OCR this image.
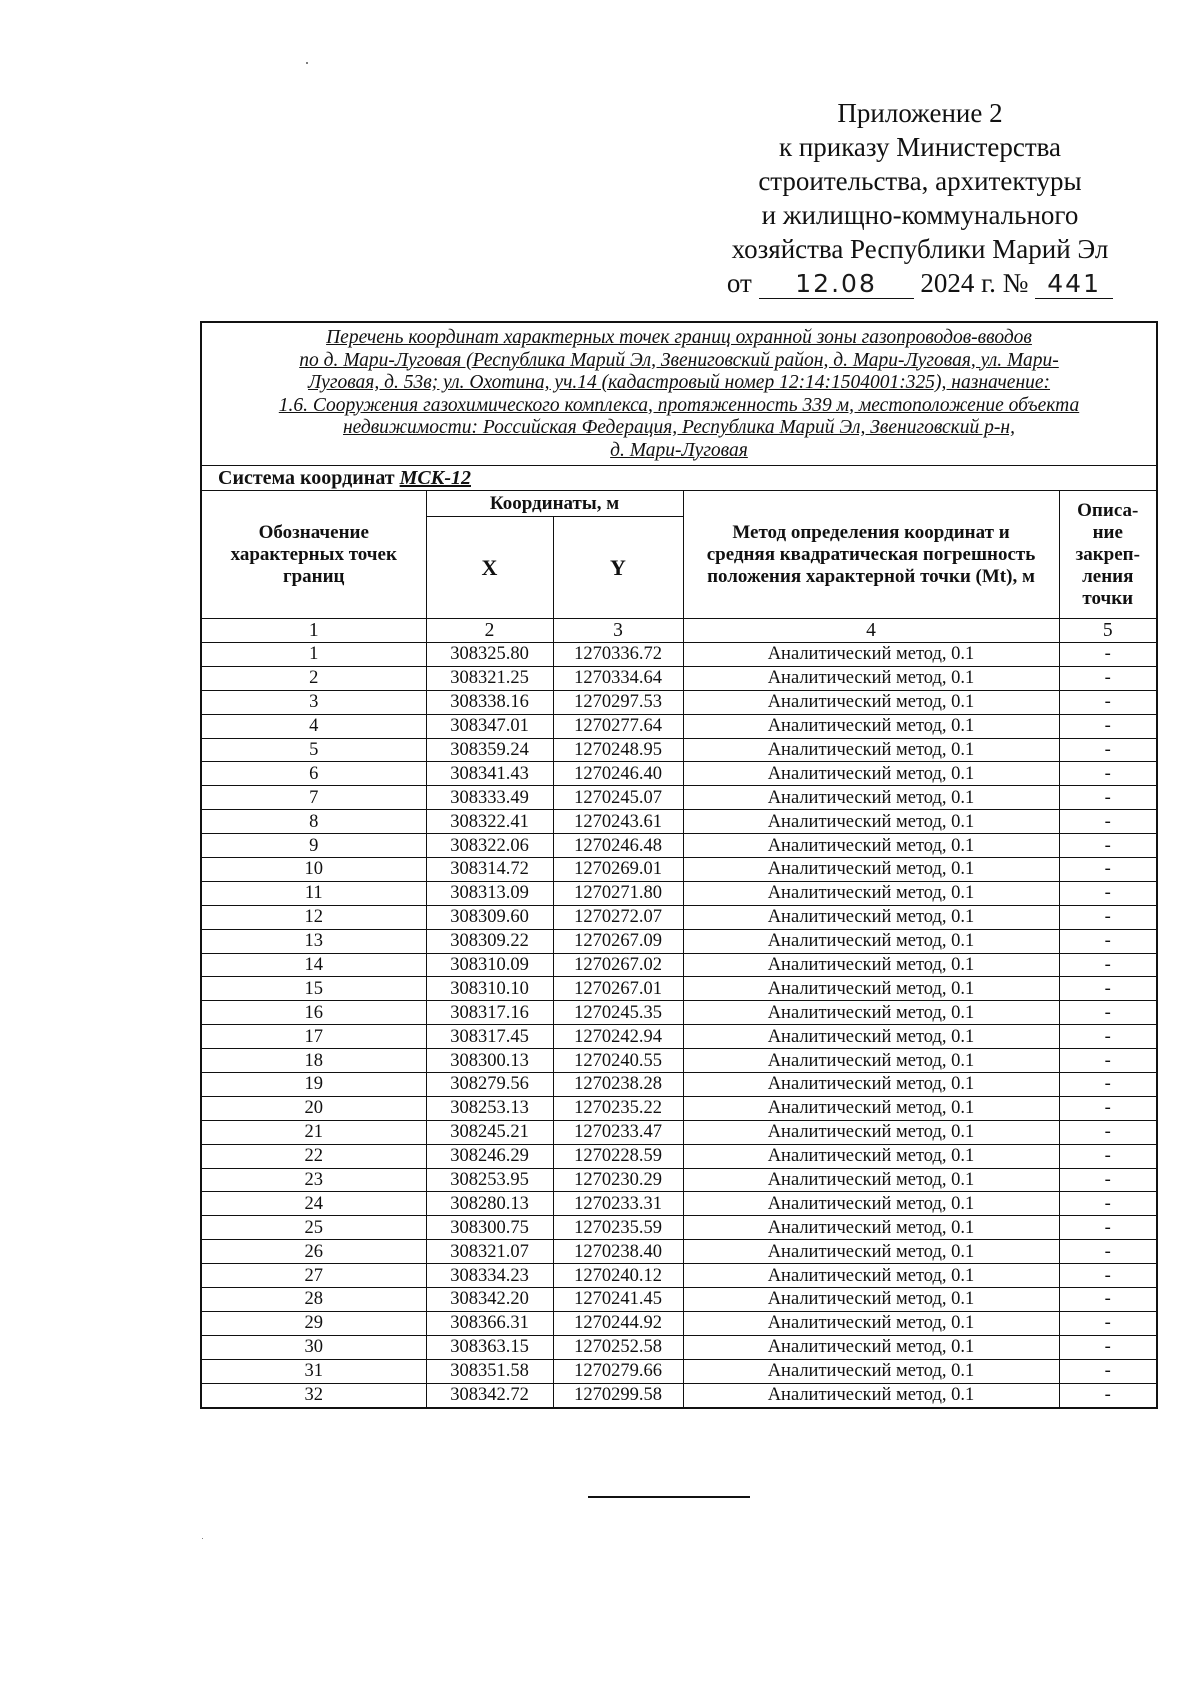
Приложение 2
к приказу Министерства
строительства, архитектуры
и жилищно-коммунального
хозяйства Республики Марий Эл
от 12.08 2024 г. № 441
Перечень координат характерных точек границ охранной зоны газопроводов-вводов
по д. Мари-Луговая (Республика Марий Эл, Звениговский район, д. Мари-Луговая, ул. Мари-
Луговая, д. 53в; ул. Охотина, уч.14 (кадастровый номер 12:14:1504001:325), назначение:
1.6. Сооружения газохимического комплекса, протяженность 339 м, местоположение объекта
недвижимости: Российская Федерация, Республика Марий Эл, Звениговский р-н,
д. Мари-Луговая
Система координат МСК-12				
Обозначение характерных точек границ	Координаты, м		Метод определения координат и средняя квадратическая погрешность положения характерной точки (Mt), м	Описа-
ние
закреп-
ления
точки

	X	Y		
1	2	3	4	5
1	308325.80	1270336.72	Аналитический метод, 0.1	-
2	308321.25	1270334.64	Аналитический метод, 0.1	-
3	308338.16	1270297.53	Аналитический метод, 0.1	-
4	308347.01	1270277.64	Аналитический метод, 0.1	-
5	308359.24	1270248.95	Аналитический метод, 0.1	-
6	308341.43	1270246.40	Аналитический метод, 0.1	-
7	308333.49	1270245.07	Аналитический метод, 0.1	-
8	308322.41	1270243.61	Аналитический метод, 0.1	-
9	308322.06	1270246.48	Аналитический метод, 0.1	-
10	308314.72	1270269.01	Аналитический метод, 0.1	-
11	308313.09	1270271.80	Аналитический метод, 0.1	-
12	308309.60	1270272.07	Аналитический метод, 0.1	-
13	308309.22	1270267.09	Аналитический метод, 0.1	-
14	308310.09	1270267.02	Аналитический метод, 0.1	-
15	308310.10	1270267.01	Аналитический метод, 0.1	-
16	308317.16	1270245.35	Аналитический метод, 0.1	-
17	308317.45	1270242.94	Аналитический метод, 0.1	-
18	308300.13	1270240.55	Аналитический метод, 0.1	-
19	308279.56	1270238.28	Аналитический метод, 0.1	-
20	308253.13	1270235.22	Аналитический метод, 0.1	-
21	308245.21	1270233.47	Аналитический метод, 0.1	-
22	308246.29	1270228.59	Аналитический метод, 0.1	-
23	308253.95	1270230.29	Аналитический метод, 0.1	-
24	308280.13	1270233.31	Аналитический метод, 0.1	-
25	308300.75	1270235.59	Аналитический метод, 0.1	-
26	308321.07	1270238.40	Аналитический метод, 0.1	-
27	308334.23	1270240.12	Аналитический метод, 0.1	-
28	308342.20	1270241.45	Аналитический метод, 0.1	-
29	308366.31	1270244.92	Аналитический метод, 0.1	-
30	308363.15	1270252.58	Аналитический метод, 0.1	-
31	308351.58	1270279.66	Аналитический метод, 0.1	-
32	308342.72	1270299.58	Аналитический метод, 0.1	-
